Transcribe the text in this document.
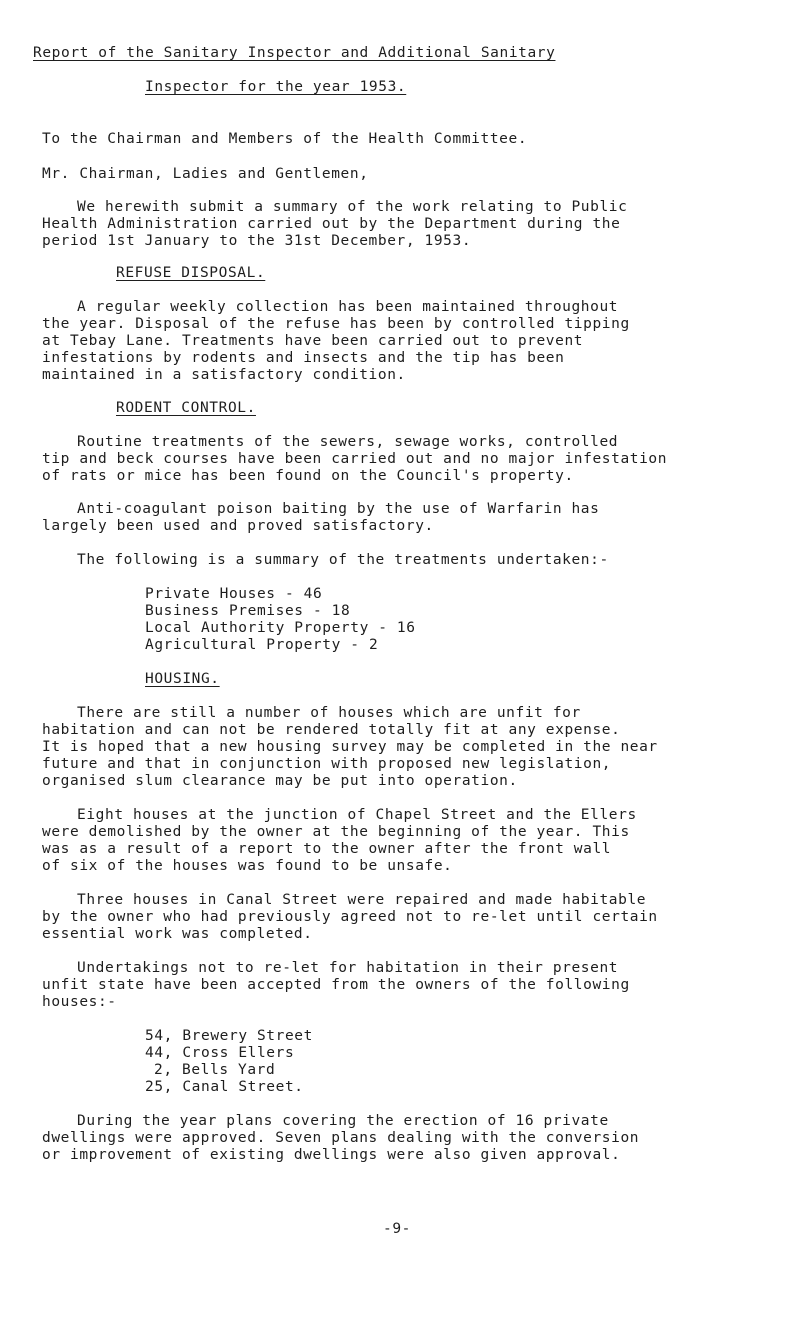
Report of the Sanitary Inspector and Additional Sanitary
Inspector for the year 1953.
To the Chairman and Members of the Health Committee.
Mr. Chairman, Ladies and Gentlemen,
We herewith submit a summary of the work relating to Public
Health Administration carried out by the Department during the
period 1st January to the 31st December, 1953.
REFUSE DISPOSAL.
A regular weekly collection has been maintained throughout
the year. Disposal of the refuse has been by controlled tipping
at Tebay Lane. Treatments have been carried out to prevent
infestations by rodents and insects and the tip has been
maintained in a satisfactory condition.
RODENT CONTROL.
Routine treatments of the sewers, sewage works, controlled
tip and beck courses have been carried out and no major infestation
of rats or mice has been found on the Council's property.
Anti-coagulant poison baiting by the use of Warfarin has
largely been used and proved satisfactory.
The following is a summary of the treatments undertaken:-
Private Houses - 46
Business Premises - 18
Local Authority Property - 16
Agricultural Property - 2
HOUSING.
There are still a number of houses which are unfit for
habitation and can not be rendered totally fit at any expense.
It is hoped that a new housing survey may be completed in the near
future and that in conjunction with proposed new legislation,
organised slum clearance may be put into operation.
Eight houses at the junction of Chapel Street and the Ellers
were demolished by the owner at the beginning of the year. This
was as a result of a report to the owner after the front wall
of six of the houses was found to be unsafe.
Three houses in Canal Street were repaired and made habitable
by the owner who had previously agreed not to re-let until certain
essential work was completed.
Undertakings not to re-let for habitation in their present
unfit state have been accepted from the owners of the following
houses:-
54, Brewery Street
44, Cross Ellers
2, Bells Yard
25, Canal Street.
During the year plans covering the erection of 16 private
dwellings were approved. Seven plans dealing with the conversion
or improvement of existing dwellings were also given approval.
-9-
